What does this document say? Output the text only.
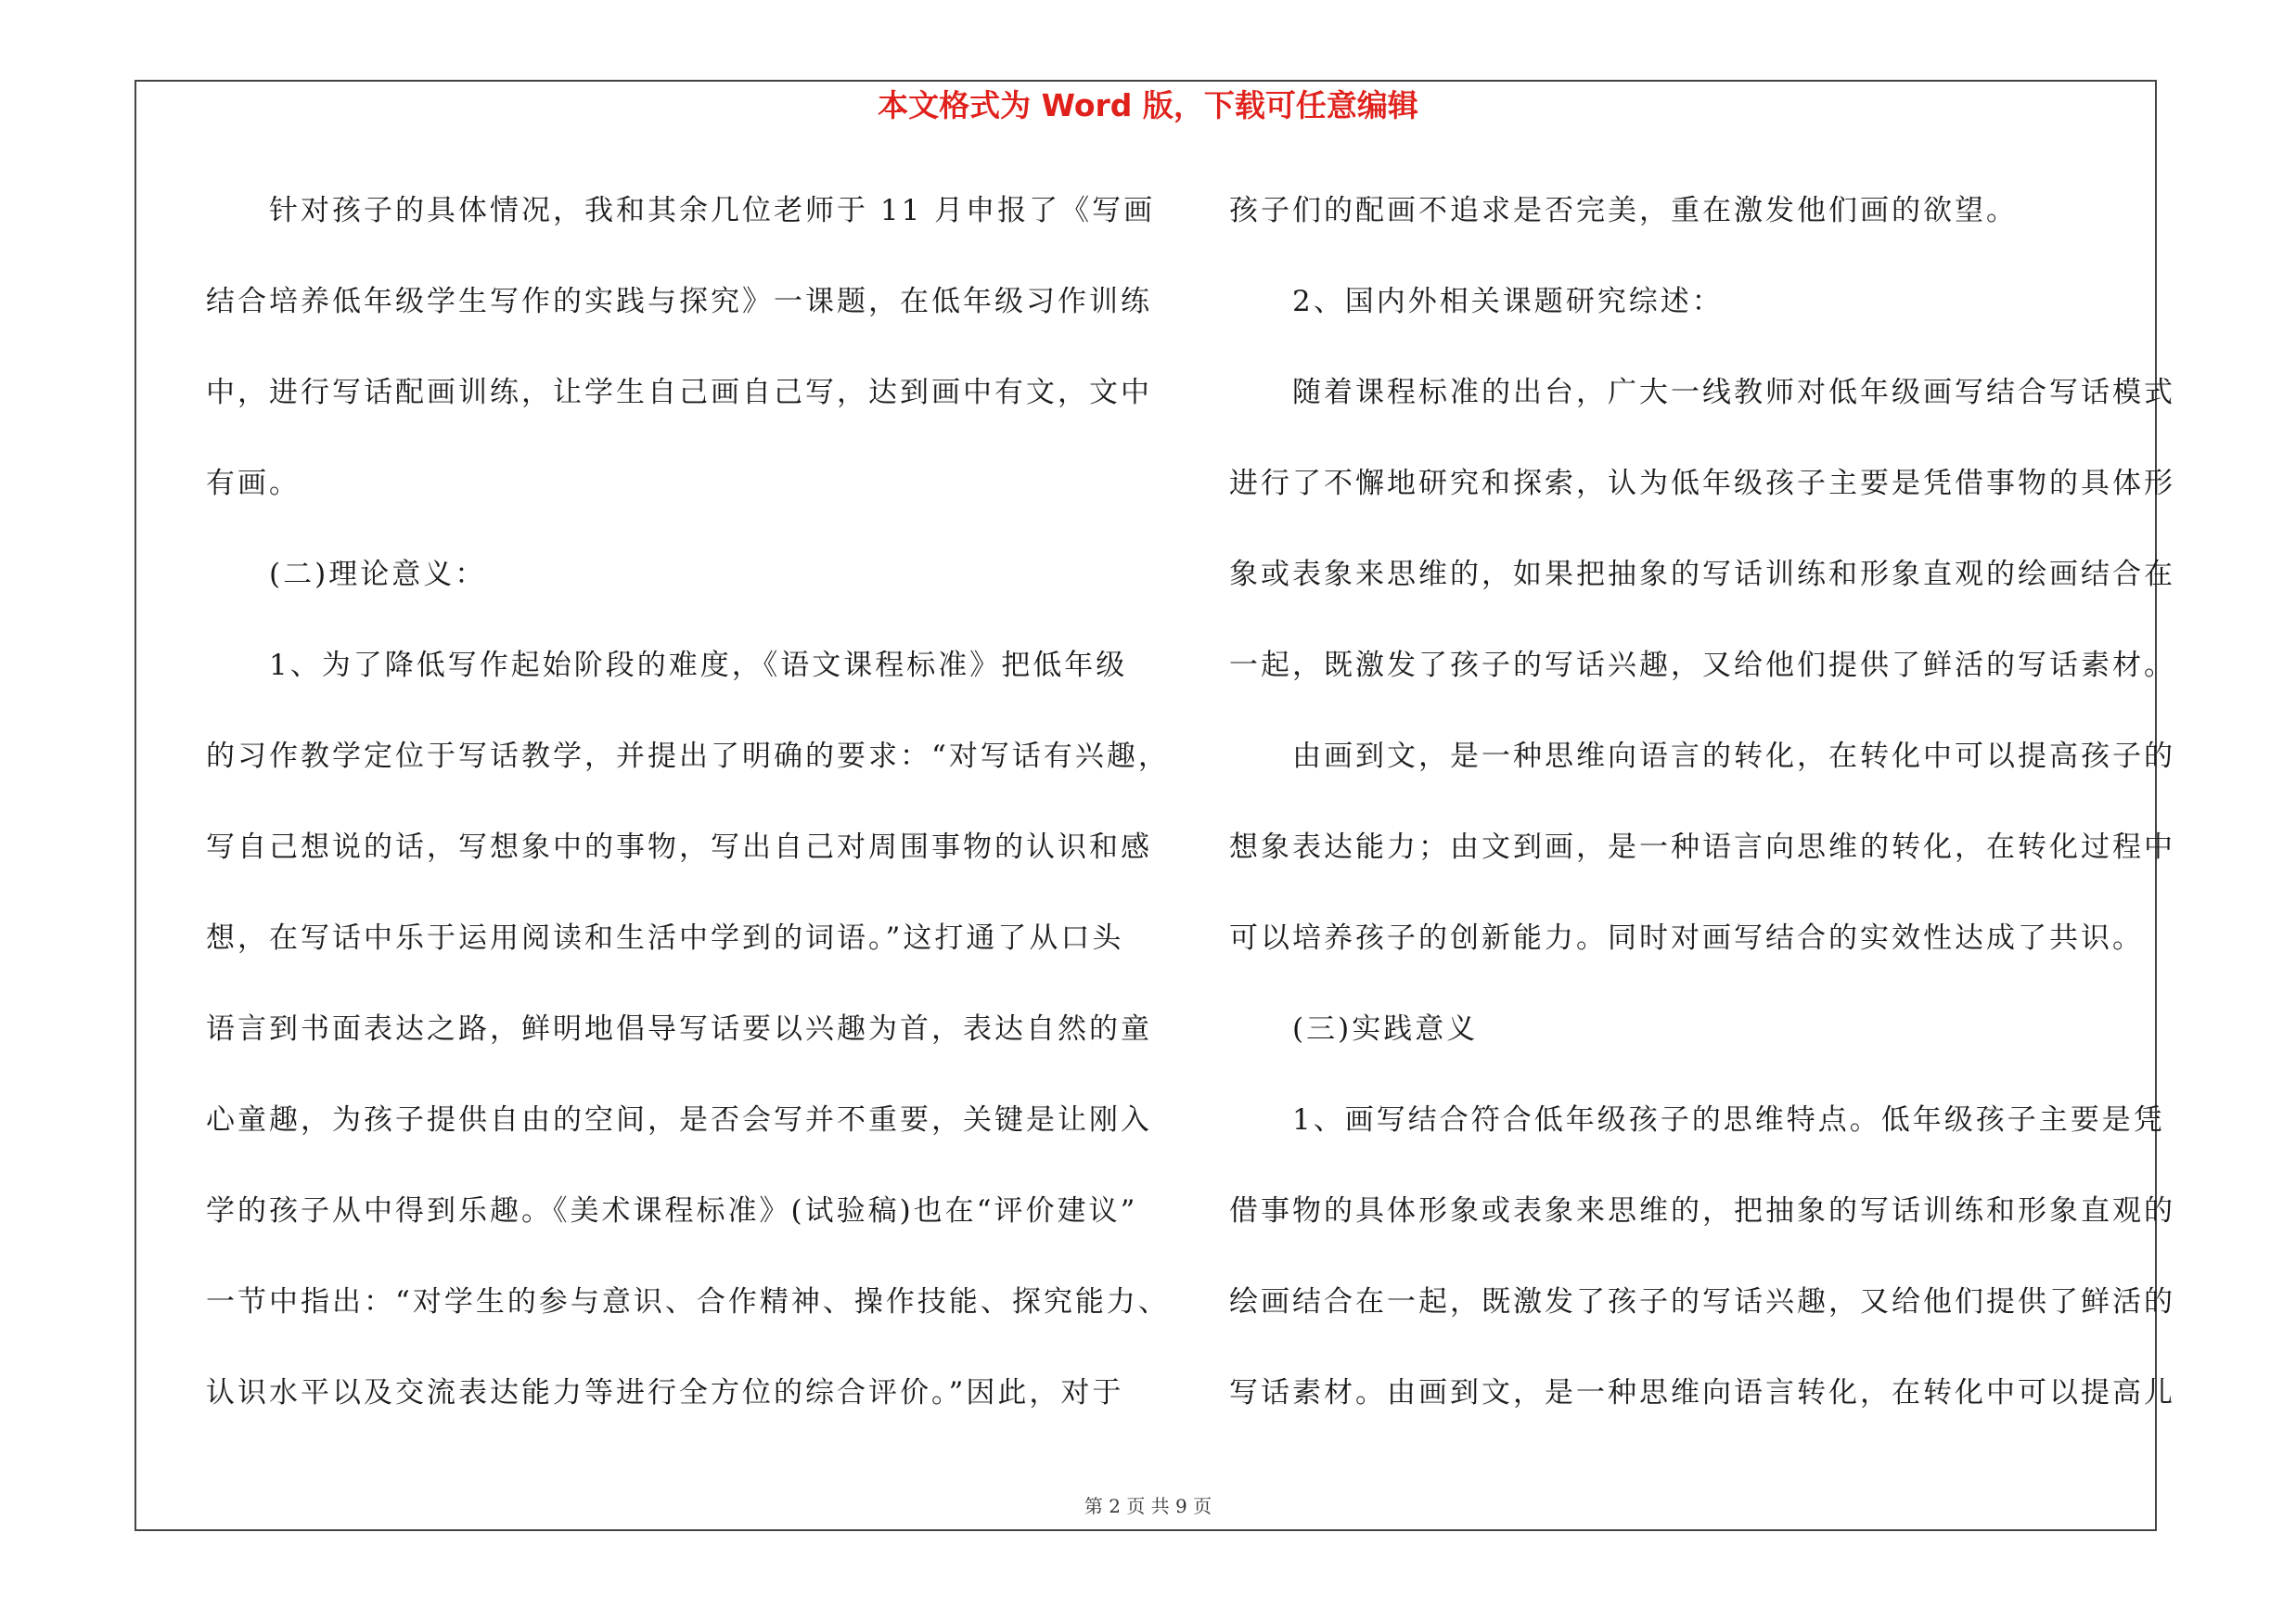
本文格式为 Word 版，下载可任意编辑
针对孩子的具体情况，我和其余几位老师于 11 月申报了《写画
结合培养低年级学生写作的实践与探究》一课题，在低年级习作训练
中，进行写话配画训练，让学生自己画自己写，达到画中有文，文中
有画。
(二)理论意义：
1、为了降低写作起始阶段的难度，《语文课程标准》把低年级
的习作教学定位于写话教学，并提出了明确的要求：“对写话有兴趣，
写自己想说的话，写想象中的事物，写出自己对周围事物的认识和感
想，在写话中乐于运用阅读和生活中学到的词语。”这打通了从口头
语言到书面表达之路，鲜明地倡导写话要以兴趣为首，表达自然的童
心童趣，为孩子提供自由的空间，是否会写并不重要，关键是让刚入
学的孩子从中得到乐趣。《美术课程标准》(试验稿)也在“评价建议”
一节中指出：“对学生的参与意识、合作精神、操作技能、探究能力、
认识水平以及交流表达能力等进行全方位的综合评价。”因此，对于
孩子们的配画不追求是否完美，重在激发他们画的欲望。
2、国内外相关课题研究综述：
随着课程标准的出台，广大一线教师对低年级画写结合写话模式
进行了不懈地研究和探索，认为低年级孩子主要是凭借事物的具体形
象或表象来思维的，如果把抽象的写话训练和形象直观的绘画结合在
一起，既激发了孩子的写话兴趣，又给他们提供了鲜活的写话素材。
由画到文，是一种思维向语言的转化，在转化中可以提高孩子的
想象表达能力；由文到画，是一种语言向思维的转化，在转化过程中
可以培养孩子的创新能力。同时对画写结合的实效性达成了共识。
(三)实践意义
1、画写结合符合低年级孩子的思维特点。低年级孩子主要是凭
借事物的具体形象或表象来思维的，把抽象的写话训练和形象直观的
绘画结合在一起，既激发了孩子的写话兴趣，又给他们提供了鲜活的
写话素材。由画到文，是一种思维向语言转化，在转化中可以提高儿
第 2 页 共 9 页
